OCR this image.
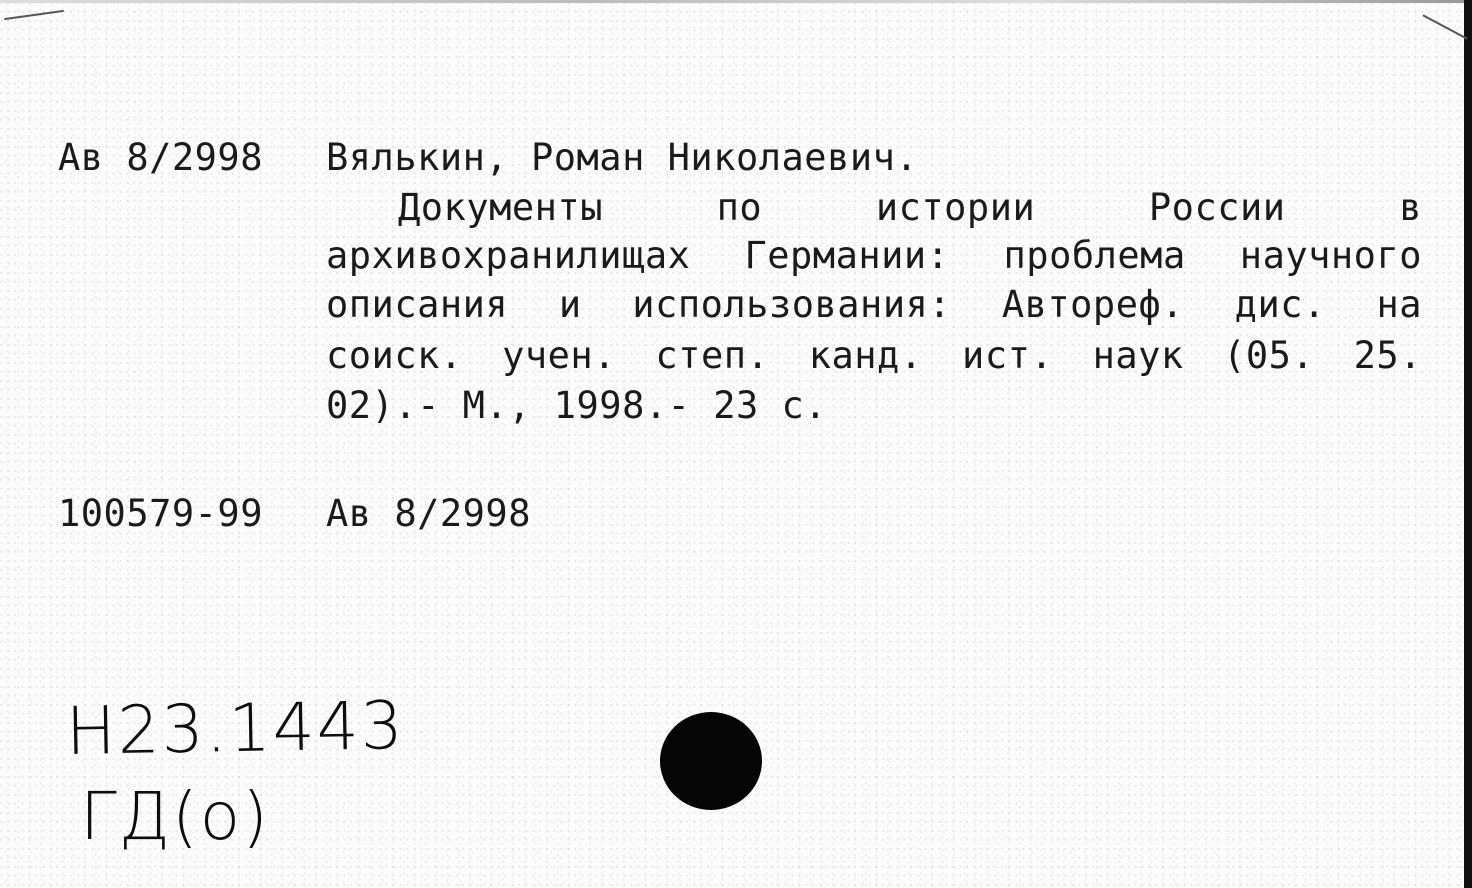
Ав 8/2998 Вялькин, Роман Николаевич.
Документы по истории России в
архивохранилищах Германии: проблема научного
описания и использования: Автореф. дис. на
соиск. учен. степ. канд. ист. наук (05. 25.
02).- М., 1998.- 23 с.
100579-99 Ав 8/2998
Н23.1443
ГД(о)
